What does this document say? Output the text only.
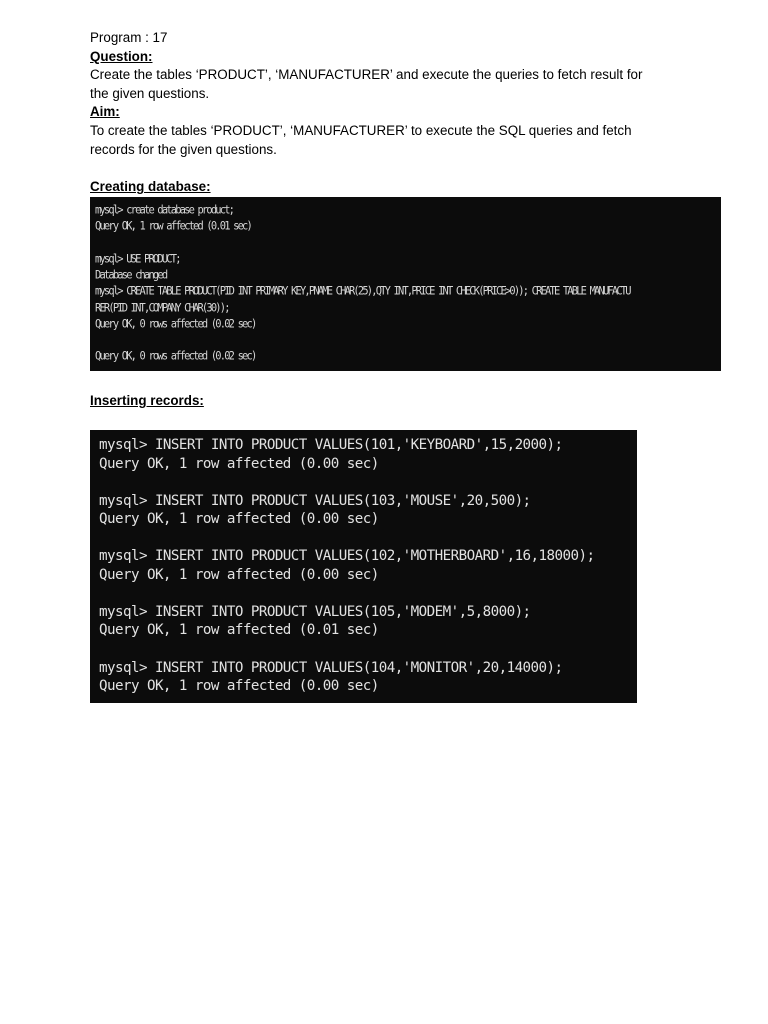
Program : 17

Question:

Create the tables ‘PRODUCT’, ‘MANUFACTURER’ and execute the queries to fetch result for

the given questions.

Aim:

To create the tables ‘PRODUCT’, ‘MANUFACTURER’ to execute the SQL queries and fetch

records for the given questions.

Creating database:

mysql> create database product;
Query OK, 1 row affected (0.01 sec)
mysql> USE PRODUCT;
Database changed
mysql> CREATE TABLE PRODUCT(PID INT PRIMARY KEY,PNAME CHAR(25),QTY INT,PRICE INT CHECK(PRICE>0)); CREATE TABLE MANUFACTU
RER(PID INT,COMPANY CHAR(30));
Query OK, 0 rows affected (0.02 sec)
Query OK, 0 rows affected (0.02 sec)

Inserting records:

mysql> INSERT INTO PRODUCT VALUES(101,'KEYBOARD',15,2000);
Query OK, 1 row affected (0.00 sec)
mysql> INSERT INTO PRODUCT VALUES(103,'MOUSE',20,500);
Query OK, 1 row affected (0.00 sec)
mysql> INSERT INTO PRODUCT VALUES(102,'MOTHERBOARD',16,18000);
Query OK, 1 row affected (0.00 sec)
mysql> INSERT INTO PRODUCT VALUES(105,'MODEM',5,8000);
Query OK, 1 row affected (0.01 sec)
mysql> INSERT INTO PRODUCT VALUES(104,'MONITOR',20,14000);
Query OK, 1 row affected (0.00 sec)
